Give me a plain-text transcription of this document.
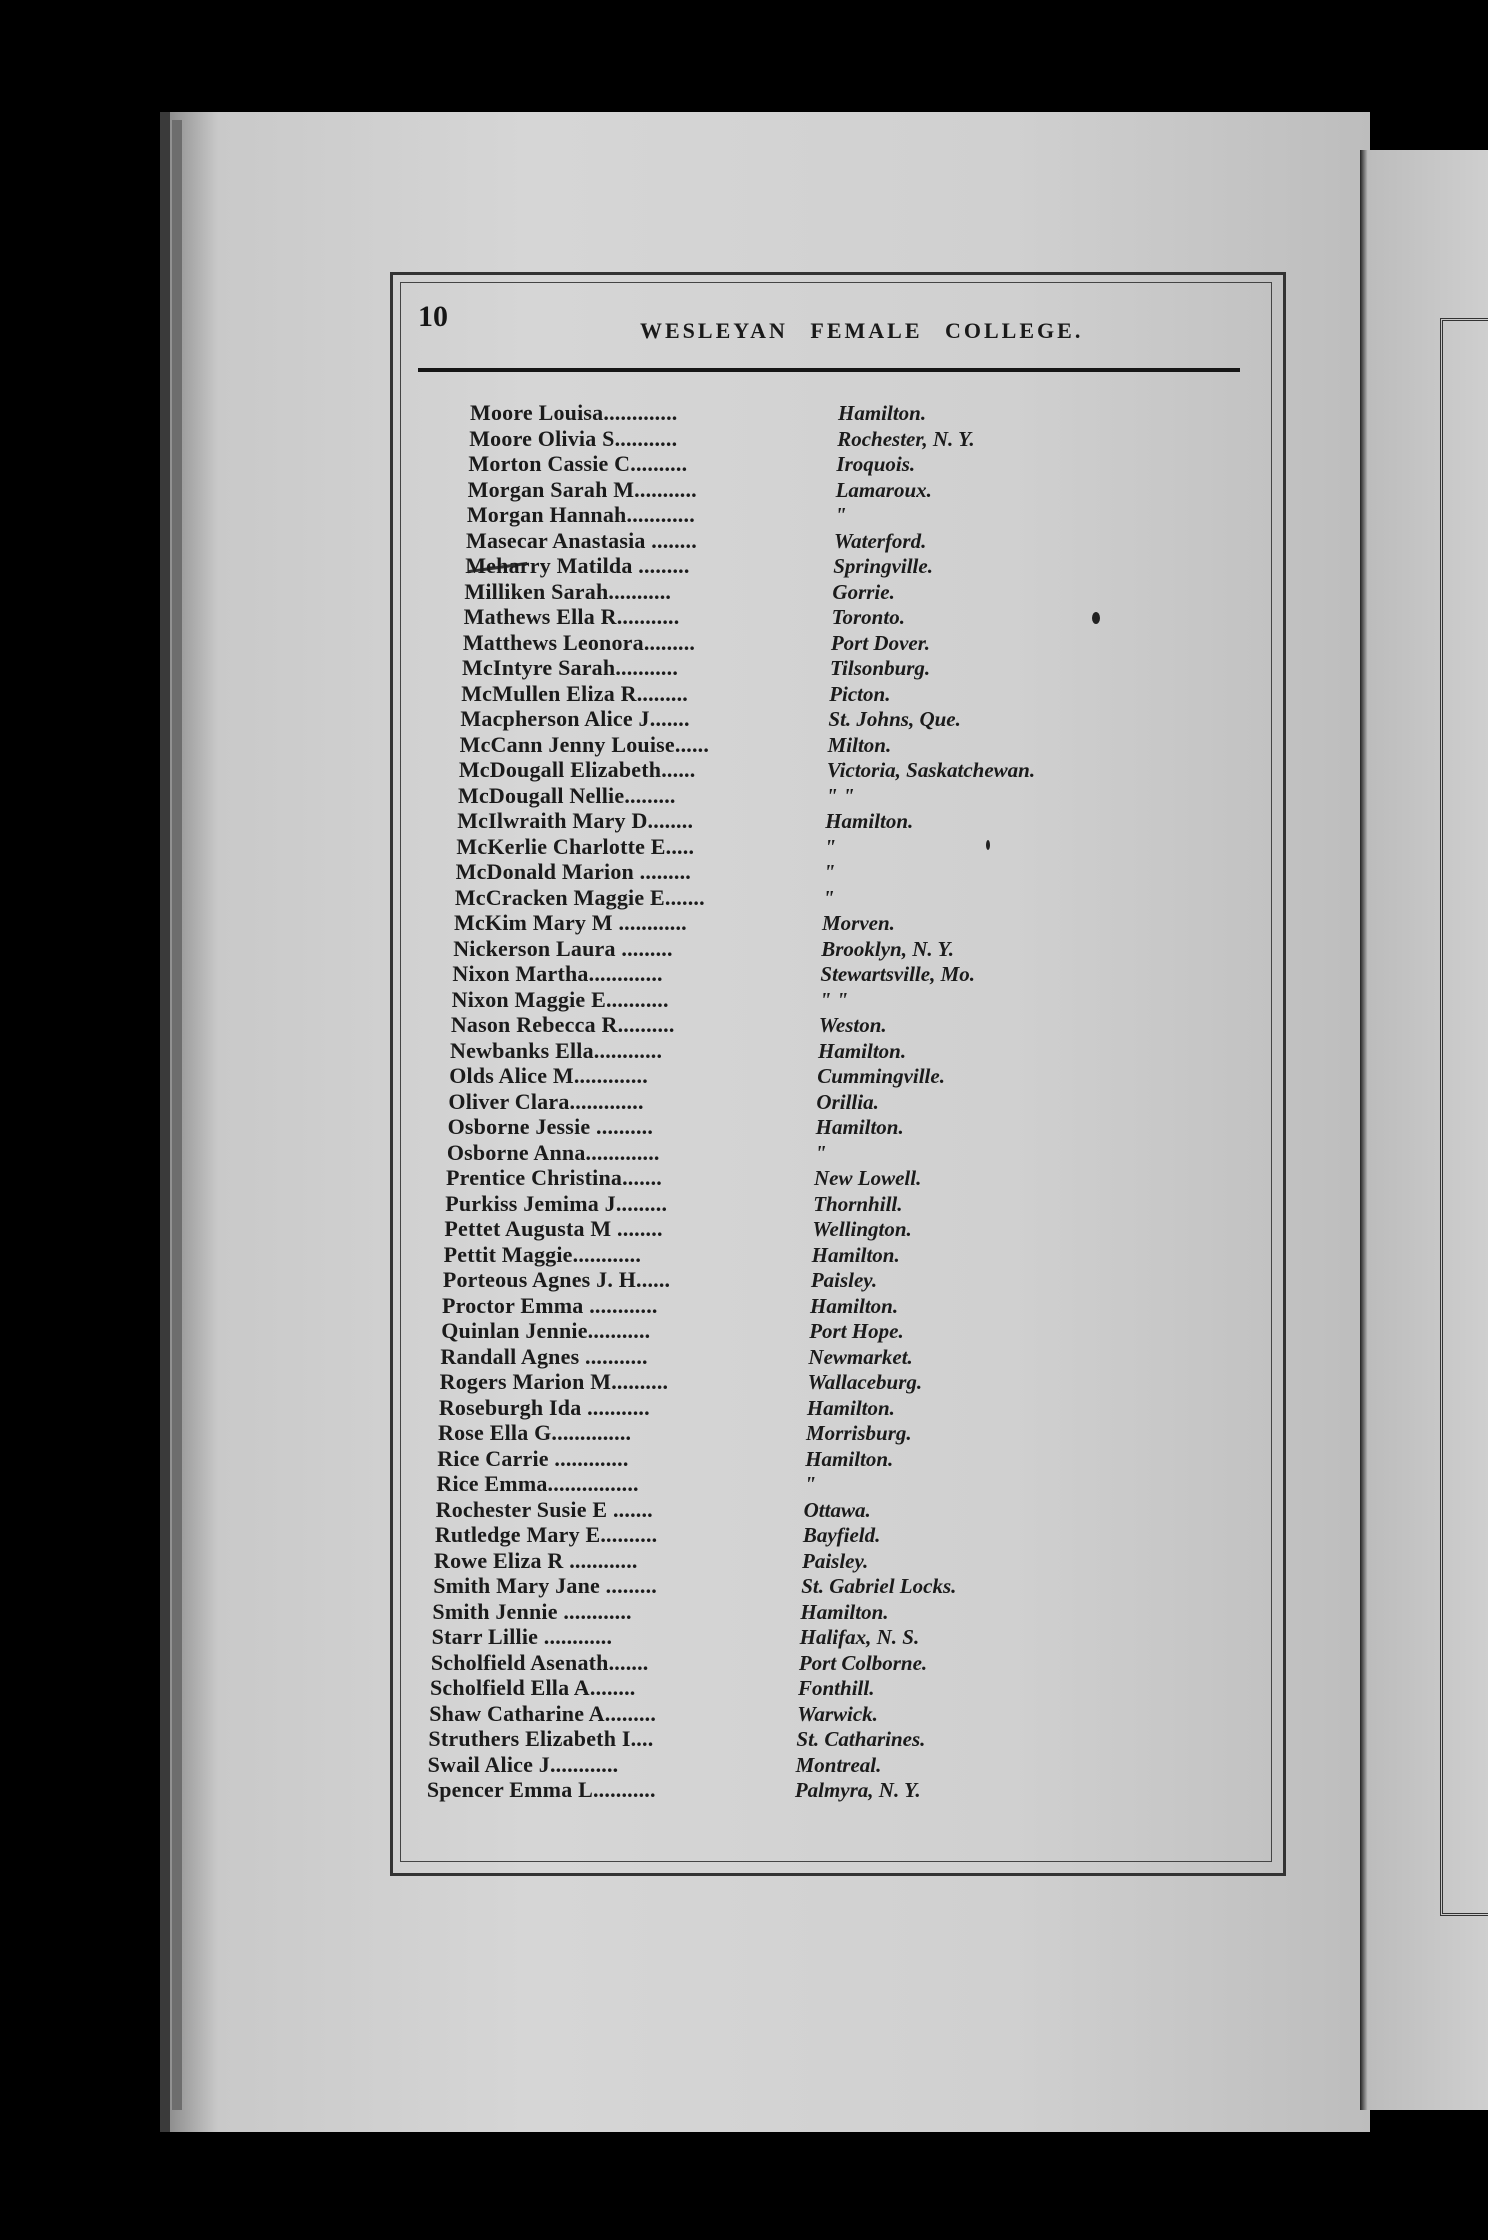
10	WESLEYAN FEMALE COLLEGE.
Moore Louisa.............	Hamilton.
Moore Olivia S...........	Rochester, N. Y.
Morton Cassie C..........	Iroquois.
Morgan Sarah M...........	Lamaroux.
Morgan Hannah............	"
Masecar Anastasia ........	Waterford.
Meharry Matilda .........	Springville.
Milliken Sarah...........	Gorrie.
Mathews Ella R...........	Toronto.
Matthews Leonora.........	Port Dover.
McIntyre Sarah...........	Tilsonburg.
McMullen Eliza R.........	Picton.
Macpherson Alice J.......	St. Johns, Que.
McCann Jenny Louise......	Milton.
McDougall Elizabeth......	Victoria, Saskatchewan.
McDougall Nellie.........	" "
McIlwraith Mary D........	Hamilton.
McKerlie Charlotte E.....	"
McDonald Marion .........	"
McCracken Maggie E.......	"
McKim Mary M ............	Morven.
Nickerson Laura .........	Brooklyn, N. Y.
Nixon Martha.............	Stewartsville, Mo.
Nixon Maggie E...........	" "
Nason Rebecca R..........	Weston.
Newbanks Ella............	Hamilton.
Olds Alice M.............	Cummingville.
Oliver Clara.............	Orillia.
Osborne Jessie ..........	Hamilton.
Osborne Anna.............	"
Prentice Christina.......	New Lowell.
Purkiss Jemima J.........	Thornhill.
Pettet Augusta M ........	Wellington.
Pettit Maggie............	Hamilton.
Porteous Agnes J. H......	Paisley.
Proctor Emma ............	Hamilton.
Quinlan Jennie...........	Port Hope.
Randall Agnes ...........	Newmarket.
Rogers Marion M..........	Wallaceburg.
Roseburgh Ida ...........	Hamilton.
Rose Ella G..............	Morrisburg.
Rice Carrie .............	Hamilton.
Rice Emma................	"
Rochester Susie E .......	Ottawa.
Rutledge Mary E..........	Bayfield.
Rowe Eliza R ............	Paisley.
Smith Mary Jane .........	St. Gabriel Locks.
Smith Jennie ............	Hamilton.
Starr Lillie ............	Halifax, N. S.
Scholfield Asenath.......	Port Colborne.
Scholfield Ella A........	Fonthill.
Shaw Catharine A.........	Warwick.
Struthers Elizabeth I....	St. Catharines.
Swail Alice J............	Montreal.
Spencer Emma L...........	Palmyra, N. Y.
